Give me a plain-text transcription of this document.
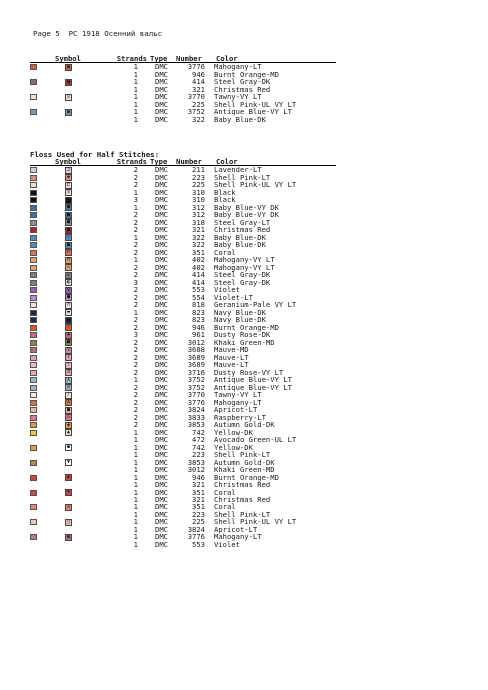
Page 5  PC 1918 Осенний вальс
	Symbol	Strands	Type	Number	Color
	▣	1	DMC	3776	Mahogany-LT
		1	DMC	946	Burnt Orange-MD
	▣	1	DMC	414	Steel Gray-DK
		1	DMC	321	Christmas Red
	◎	1	DMC	3770	Tawny-VY LT
		1	DMC	225	Shell Pink-UL VY LT
	▣	1	DMC	3752	Antique Blue-VY LT
		1	DMC	322	Baby Blue-DK
Floss Used for Half Stitches:
	Symbol	Strands	Type	Number	Color
	J	2	DMC	211	Lavender-LT
	◆	2	DMC	223	Shell Pink-LT
	E	2	DMC	225	Shell Pink-UL VY LT
	≡	1	DMC	310	Black
	■	3	DMC	310	Black
	■	1	DMC	312	Baby Blue-VY DK
	■	2	DMC	312	Baby Blue-VY DK
	■	2	DMC	318	Steel Gray-LT
	■	2	DMC	321	Christmas Red
	✓	1	DMC	322	Baby Blue-DK
	■	2	DMC	322	Baby Blue-DK
	P	2	DMC	351	Coral
	H	1	DMC	402	Mahogany-VY LT
	◇	2	DMC	402	Mahogany-VY LT
	◇	2	DMC	414	Steel Gray-DK
	◐	3	DMC	414	Steel Gray-DK
	V	2	DMC	553	Violet
	■	2	DMC	554	Violet-LT
	∩	2	DMC	818	Geranium-Pale VY LT
	▬	1	DMC	823	Navy Blue-DK
	■	2	DMC	823	Navy Blue-DK
	!	2	DMC	946	Burnt Orange-MD
	♣	3	DMC	961	Dusty Rose-DK
	■	2	DMC	3012	Khaki Green-MD
	V	2	DMC	3688	Mauve-MD
	↑	2	DMC	3689	Mauve-LT
	!	2	DMC	3689	Mauve-LT
	≡	2	DMC	3716	Dusty Rose-VY LT
	X	1	DMC	3752	Antique Blue-VY LT
	◎	2	DMC	3752	Antique Blue-VY LT
	/	2	DMC	3770	Tawny-VY LT
	X	2	DMC	3776	Mahogany-LT
	■	2	DMC	3824	Apricot-LT
	◇	2	DMC	3833	Raspberry-LT
	◆	2	DMC	3853	Autumn Gold-DK
	▲	1	DMC	742	Yellow-DK
		1	DMC	472	Avocado Green-UL LT
	●	1	DMC	742	Yellow-DK
		1	DMC	223	Shell Pink-LT
	▼	1	DMC	3853	Autumn Gold-DK
		1	DMC	3012	Khaki Green-MD
	◆	1	DMC	946	Burnt Orange-MD
		1	DMC	321	Christmas Red
	✖	1	DMC	351	Coral
		1	DMC	321	Christmas Red
	≡	1	DMC	351	Coral
		1	DMC	223	Shell Pink-LT
	□	1	DMC	225	Shell Pink-UL VY LT
		1	DMC	3824	Apricot-LT
	▦	1	DMC	3776	Mahogany-LT
		1	DMC	553	Violet
